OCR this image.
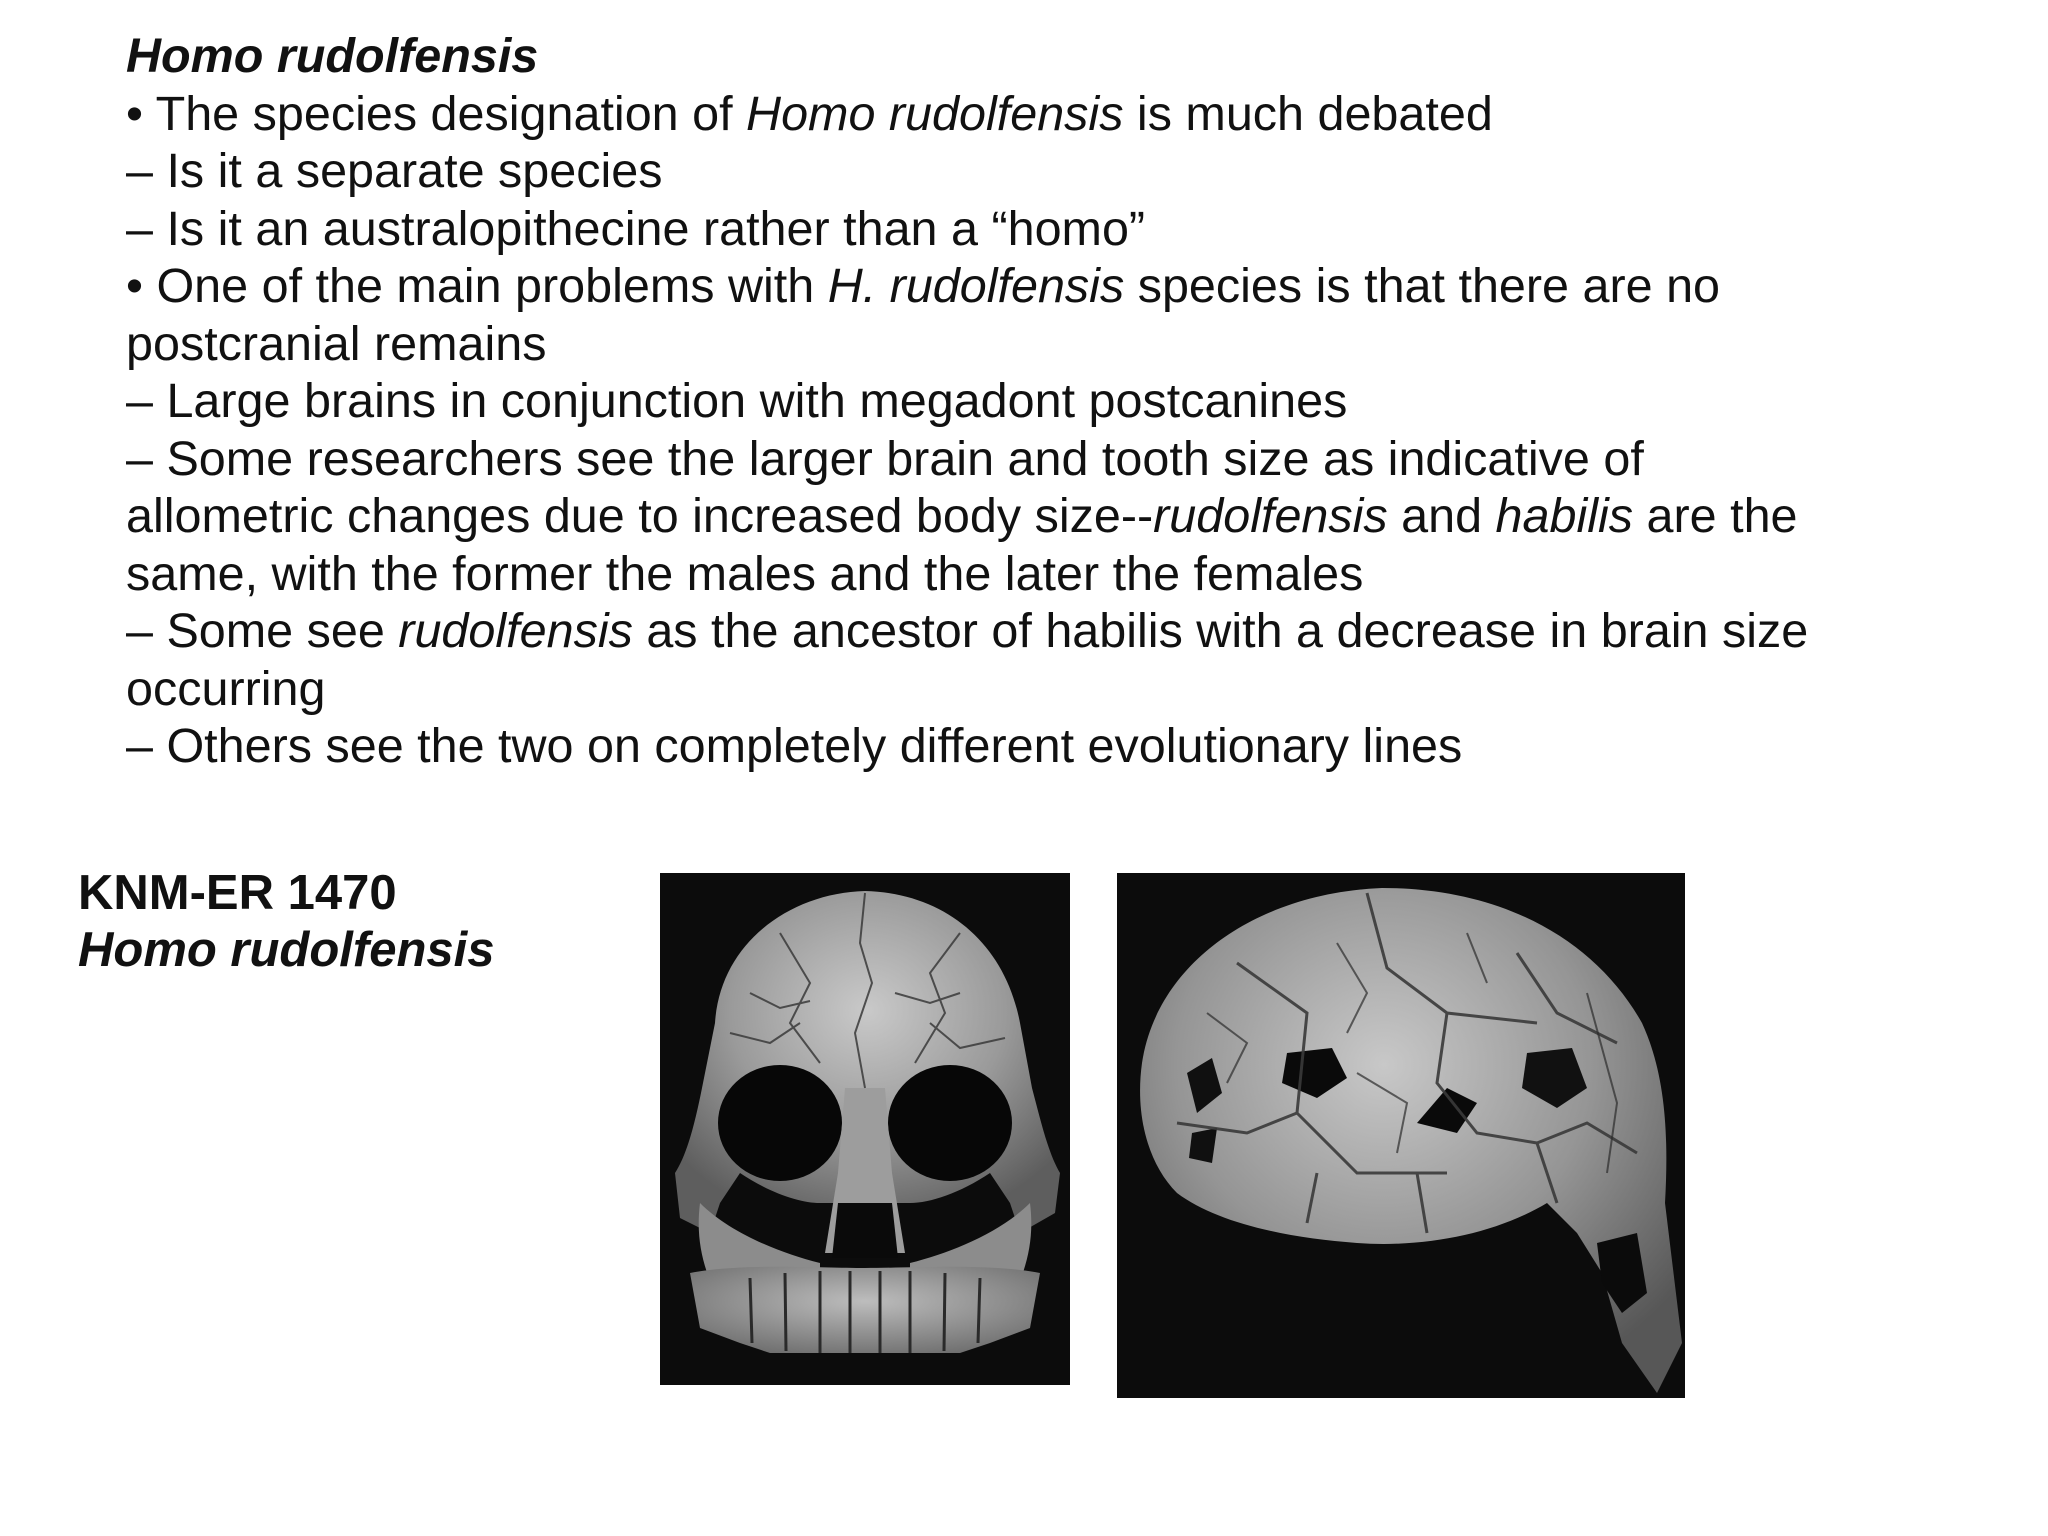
Homo rudolfensis
• The species designation of Homo rudolfensis is much debated
– Is it a separate species
– Is it an australopithecine rather than a “homo”
• One of the main problems with H. rudolfensis species is that there are no
postcranial remains
– Large brains in conjunction with megadont postcanines
– Some researchers see the larger brain and tooth size as indicative of
allometric changes due to increased body size--rudolfensis and habilis are the
same, with the former the males and the later the females
– Some see rudolfensis as the ancestor of habilis with a decrease in brain size
occurring
– Others see the two on completely different evolutionary lines
KNM-ER 1470
Homo rudolfensis
